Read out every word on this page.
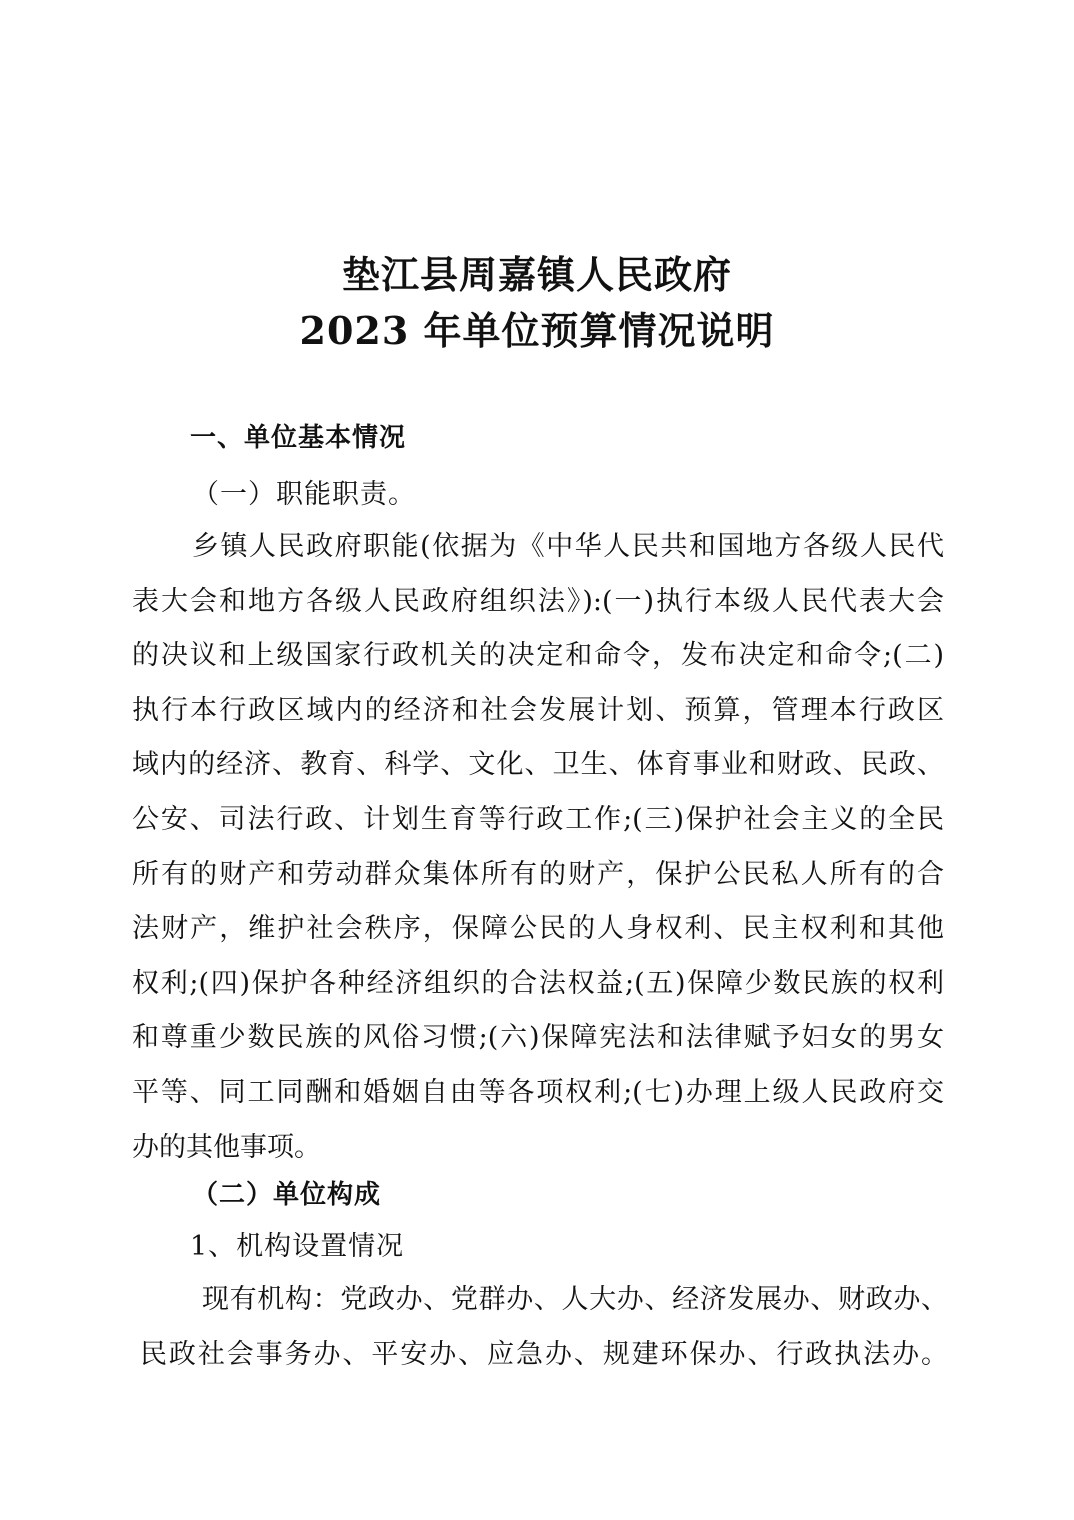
垫江县周嘉镇人民政府
2023 年单位预算情况说明
一、单位基本情况
（一）职能职责。
乡镇人民政府职能(依据为《中华人民共和国地方各级人民代
表大会和地方各级人民政府组织法》):(一)执行本级人民代表大会
的决议和上级国家行政机关的决定和命令，发布决定和命令;(二)
执行本行政区域内的经济和社会发展计划、预算，管理本行政区
域内的经济、教育、科学、文化、卫生、体育事业和财政、民政、
公安、司法行政、计划生育等行政工作;(三)保护社会主义的全民
所有的财产和劳动群众集体所有的财产，保护公民私人所有的合
法财产，维护社会秩序，保障公民的人身权利、民主权利和其他
权利;(四)保护各种经济组织的合法权益;(五)保障少数民族的权利
和尊重少数民族的风俗习惯;(六)保障宪法和法律赋予妇女的男女
平等、同工同酬和婚姻自由等各项权利;(七)办理上级人民政府交
办的其他事项。
（二）单位构成
1、机构设置情况
现有机构：党政办、党群办、人大办、经济发展办、财政办、
民政社会事务办、平安办、应急办、规建环保办、行政执法办。
